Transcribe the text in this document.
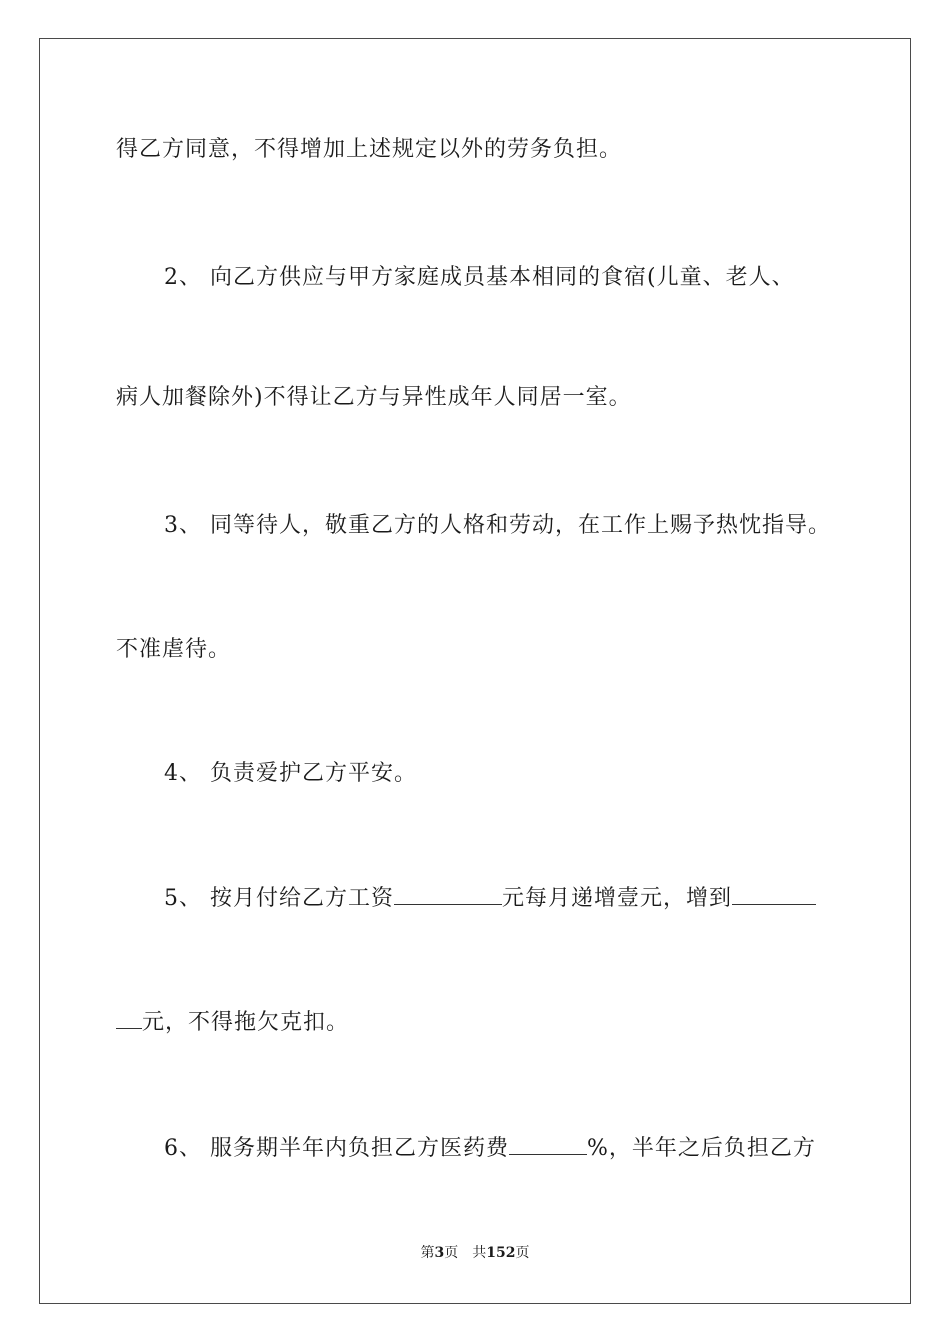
得乙方同意，不得增加上述规定以外的劳务负担。
2、 向乙方供应与甲方家庭成员基本相同的食宿(儿童、老人、
病人加餐除外)不得让乙方与异性成年人同居一室。
3、 同等待人，敬重乙方的人格和劳动，在工作上赐予热忱指导。
不准虐待。
4、 负责爱护乙方平安。
5、 按月付给乙方工资	元每月递增壹元，增到
元，不得拖欠克扣。
6、 服务期半年内负担乙方医药费	%，半年之后负担乙方
第3页 共152页
